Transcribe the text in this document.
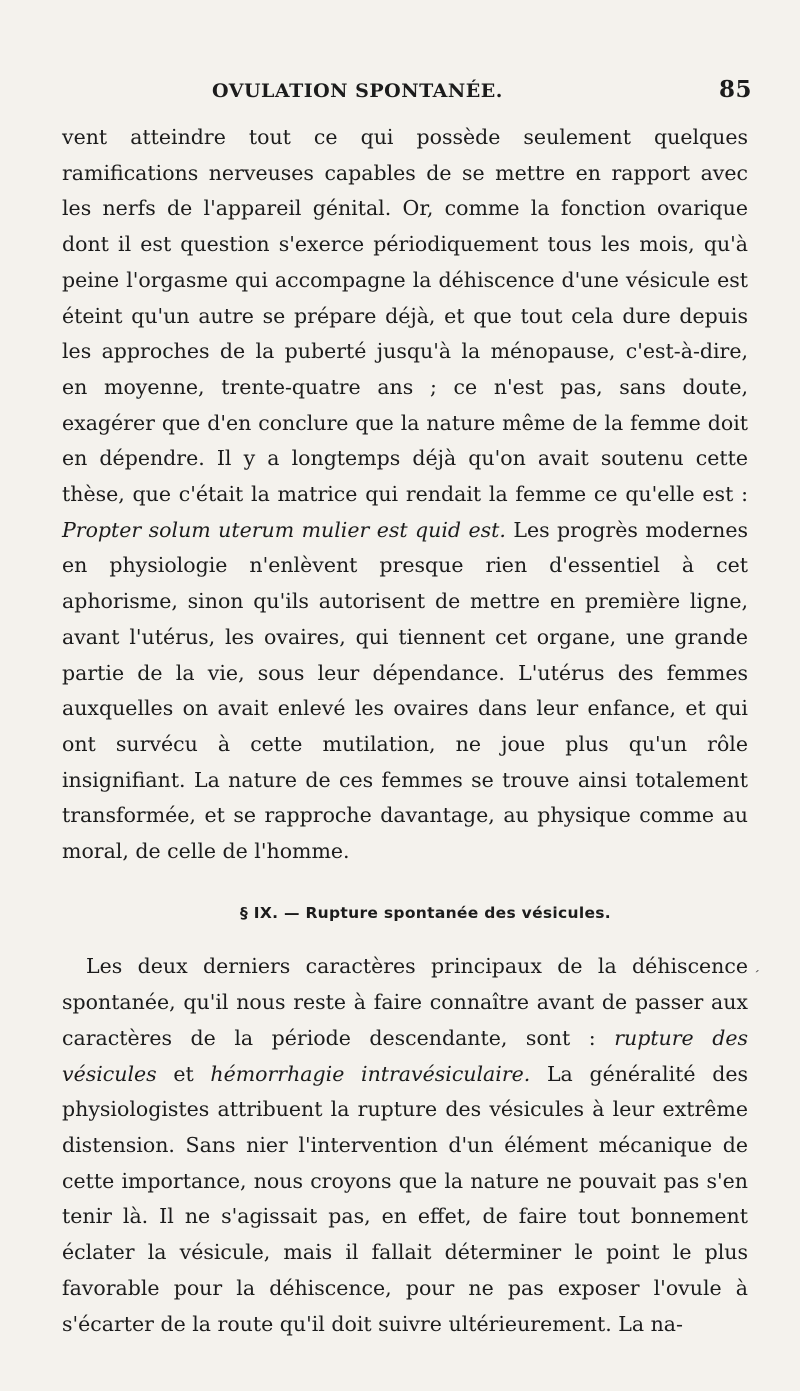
OVULATION SPONTANÉE.	85

vent atteindre tout ce qui possède seulement quelques ramifications nerveuses capables de se mettre en rapport avec les nerfs de l'appareil génital. Or, comme la fonction ovarique dont il est question s'exerce périodiquement tous les mois, qu'à peine l'orgasme qui accompagne la déhiscence d'une vésicule est éteint qu'un autre se prépare déjà, et que tout cela dure depuis les approches de la puberté jusqu'à la ménopause, c'est-à-dire, en moyenne, trente-quatre ans ; ce n'est pas, sans doute, exagérer que d'en conclure que la nature même de la femme doit en dépendre. Il y a longtemps déjà qu'on avait soutenu cette thèse, que c'était la matrice qui rendait la femme ce qu'elle est : Propter solum uterum mulier est quid est. Les progrès modernes en physiologie n'enlèvent presque rien d'essentiel à cet aphorisme, sinon qu'ils autorisent de mettre en première ligne, avant l'utérus, les ovaires, qui tiennent cet organe, une grande partie de la vie, sous leur dépendance. L'utérus des femmes auxquelles on avait enlevé les ovaires dans leur enfance, et qui ont survécu à cette mutilation, ne joue plus qu'un rôle insignifiant. La nature de ces femmes se trouve ainsi totalement transformée, et se rapproche davantage, au physique comme au moral, de celle de l'homme.

§ IX. — Rupture spontanée des vésicules.

Les deux derniers caractères principaux de la déhiscence spontanée, qu'il nous reste à faire connaître avant de passer aux caractères de la période descendante, sont : rupture des vésicules et hémorrhagie intravésiculaire. La généralité des physiologistes attribuent la rupture des vésicules à leur extrême distension. Sans nier l'intervention d'un élément mécanique de cette importance, nous croyons que la nature ne pouvait pas s'en tenir là. Il ne s'agissait pas, en effet, de faire tout bonnement éclater la vésicule, mais il fallait déterminer le point le plus favorable pour la déhiscence, pour ne pas exposer l'ovule à s'écarter de la route qu'il doit suivre ultérieurement. La na-

′
